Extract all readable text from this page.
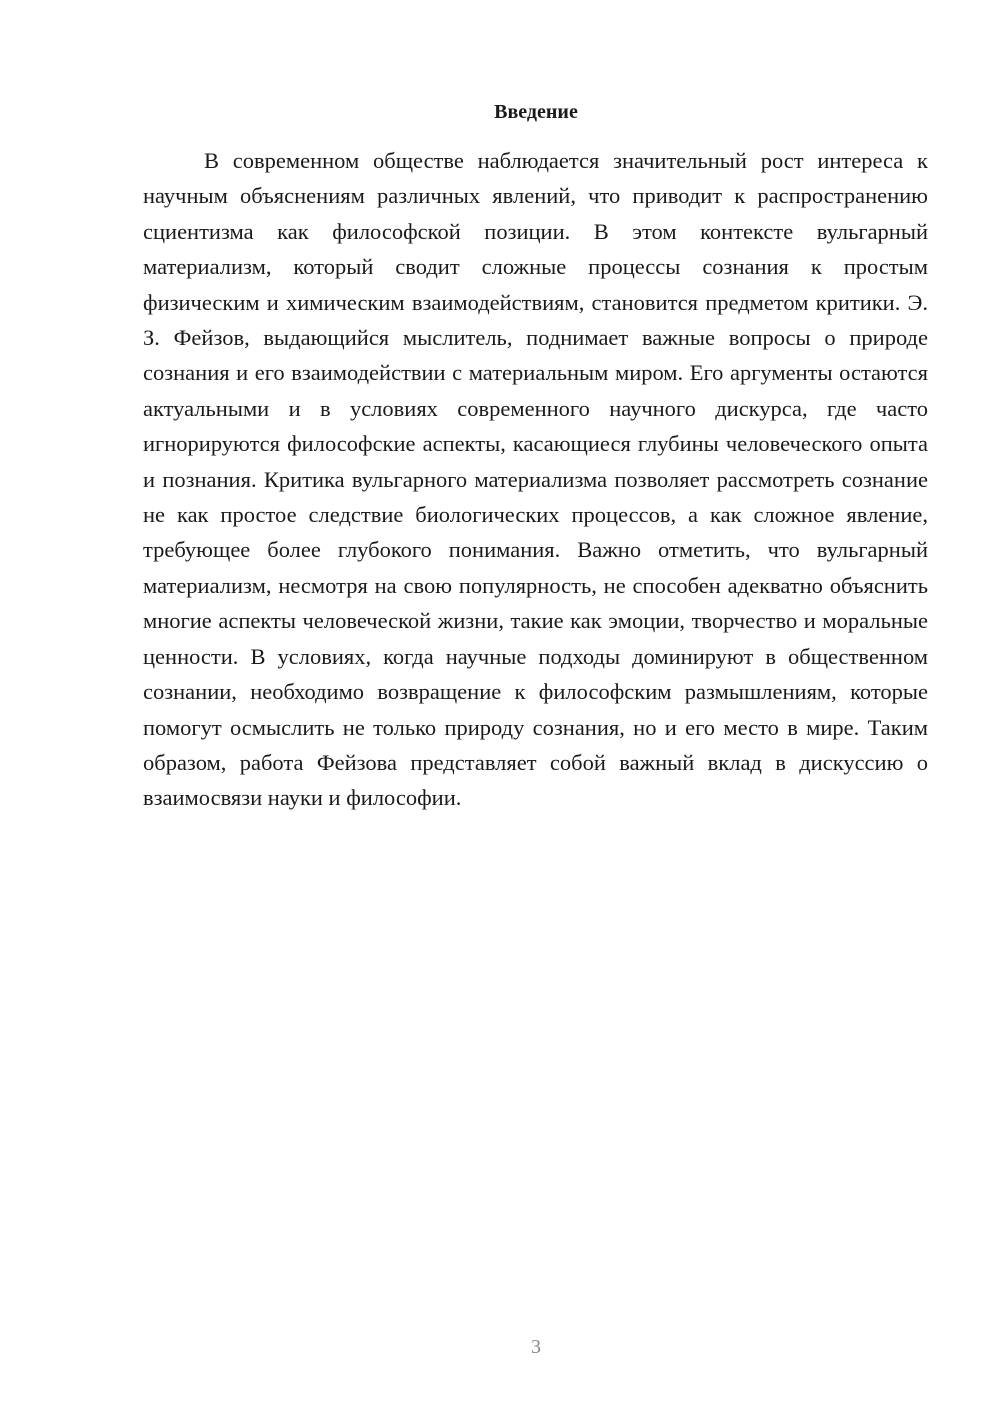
Введение

В современном обществе наблюдается значительный рост интереса к научным объяснениям различных явлений, что приводит к распространению сциентизма как философской позиции. В этом контексте вульгарный материализм, который сводит сложные процессы сознания к простым физическим и химическим взаимодействиям, становится предметом критики. Э. З. Фейзов, выдающийся мыслитель, поднимает важные вопросы о природе сознания и его взаимодействии с материальным миром. Его аргументы остаются актуальными и в условиях современного научного дискурса, где часто игнорируются философские аспекты, касающиеся глубины человеческого опыта и познания. Критика вульгарного материализма позволяет рассмотреть сознание не как простое следствие биологических процессов, а как сложное явление, требующее более глубокого понимания. Важно отметить, что вульгарный материализм, несмотря на свою популярность, не способен адекватно объяснить многие аспекты человеческой жизни, такие как эмоции, творчество и моральные ценности. В условиях, когда научные подходы доминируют в общественном сознании, необходимо возвращение к философским размышлениям, которые помогут осмыслить не только природу сознания, но и его место в мире. Таким образом, работа Фейзова представляет собой важный вклад в дискуссию о взаимосвязи науки и философии.

3
